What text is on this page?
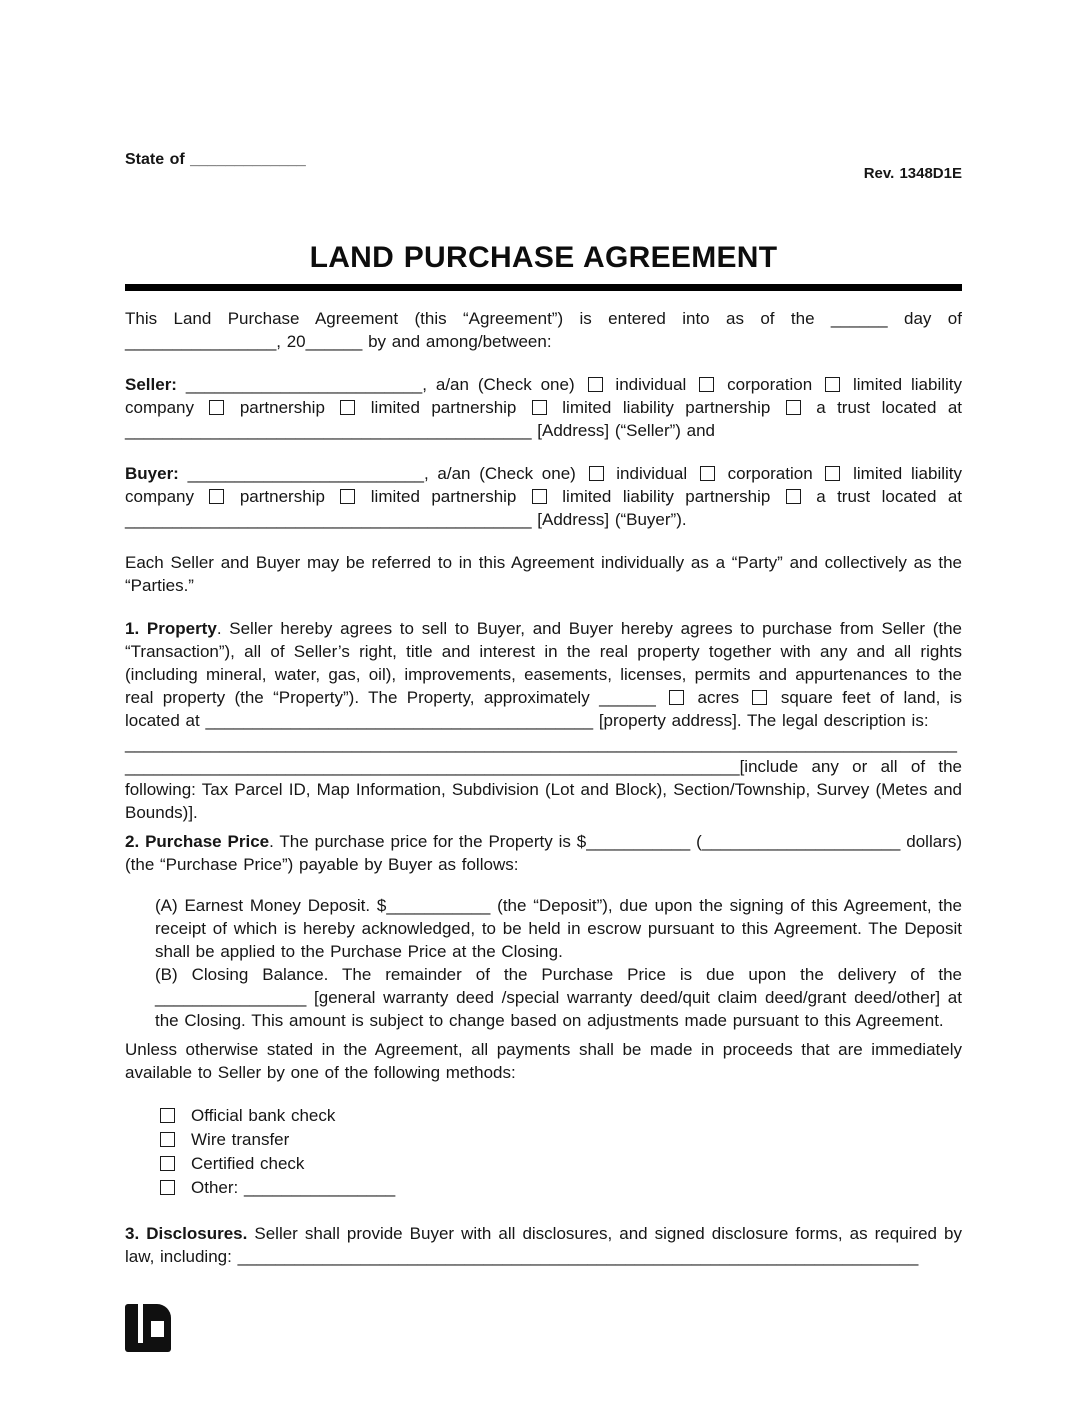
State of _____________
Rev. 1348D1E
LAND PURCHASE AGREEMENT

This Land Purchase Agreement (this “Agreement”) is entered into as of the ______ day of ________________, 20______ by and among/between:

Seller: _________________________, a/an (Check one)  individual  corporation  limited liability company  partnership  limited partnership  limited liability partnership  a trust located at ___________________________________________ [Address] (“Seller”) and

Buyer: _________________________, a/an (Check one)  individual  corporation  limited liability company  partnership  limited partnership  limited liability partnership  a trust located at ___________________________________________ [Address] (“Buyer”).

Each Seller and Buyer may be referred to in this Agreement individually as a “Party” and collectively as the “Parties.”

1. Property. Seller hereby agrees to sell to Buyer, and Buyer hereby agrees to purchase from Seller (the “Transaction”), all of Seller’s right, title and interest in the real property together with any and all rights (including mineral, water, gas, oil), improvements, easements, licenses, permits and appurtenances to the real property (the “Property”). The Property, approximately ______  acres  square feet of land, is located at _________________________________________ [property address]. The legal description is:

_________________________________________________________________________________________________________________________________________________________[include any or all of the following: Tax Parcel ID, Map Information, Subdivision (Lot and Block), Section/Township, Survey (Metes and Bounds)].

2. Purchase Price. The purchase price for the Property is $___________ (_____________________ dollars) (the “Purchase Price”) payable by Buyer as follows:

(A) Earnest Money Deposit. $___________ (the “Deposit”), due upon the signing of this Agreement, the receipt of which is hereby acknowledged, to be held in escrow pursuant to this Agreement. The Deposit shall be applied to the Purchase Price at the Closing.

(B) Closing Balance. The remainder of the Purchase Price is due upon the delivery of the ________________ [general warranty deed /special warranty deed/quit claim deed/grant deed/other] at the Closing. This amount is subject to change based on adjustments made pursuant to this Agreement.

Unless otherwise stated in the Agreement, all payments shall be made in proceeds that are immediately available to Seller by one of the following methods:

Official bank check
Wire transfer
Certified check
Other: ________________

3. Disclosures. Seller shall provide Buyer with all disclosures, and signed disclosure forms, as required by law, including: ________________________________________________________________________
